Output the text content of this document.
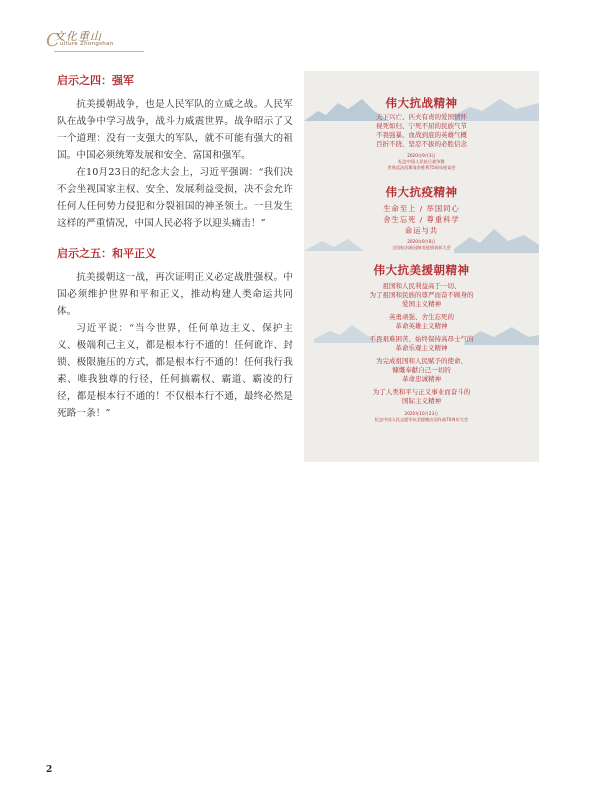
C
文化重山
ulture Zhongshan
启示之四：强军

抗美援朝战争，也是人民军队的立威之战。人民军队在战争中学习战争，战斗力威震世界。战争昭示了又一个道理：没有一支强大的军队，就不可能有强大的祖国。中国必须统筹发展和安全、富国和强军。

在10月23日的纪念大会上，习近平强调：“我们决不会坐视国家主权、安全、发展利益受损，决不会允许任何人任何势力侵犯和分裂祖国的神圣领土。一旦发生这样的严重情况，中国人民必将予以迎头痛击！”

启示之五：和平正义

抗美援朝这一战，再次证明正义必定战胜强权。中国必须维护世界和平和正义，推动构建人类命运共同体。

习近平说：“当今世界，任何单边主义、保护主义、极端利己主义，都是根本行不通的！任何讹诈、封锁、极限施压的方式，都是根本行不通的！任何我行我素、唯我独尊的行径，任何搞霸权、霸道、霸凌的行径，都是根本行不通的！不仅根本行不通，最终必然是死路一条！”

伟大抗战精神
天下兴亡、匹夫有责的爱国情怀
视死如归、宁死不屈的民族气节
不畏强暴、血战到底的英雄气概
百折不挠、坚忍不拔的必胜信念
2020年9月3日
纪念中国人民抗日战争暨
世界反法西斯战争胜利75周年座谈会
伟大抗疫精神
生命至上 / 举国同心
舍生忘死 / 尊重科学
命运与共
2020年9月8日
全国抗击新冠肺炎疫情表彰大会
伟大抗美援朝精神
祖国和人民利益高于一切、
为了祖国和民族的尊严而奋不顾身的
爱国主义精神
英勇顽强、舍生忘死的
革命英雄主义精神
不畏艰难困苦、始终保持高昂士气的
革命乐观主义精神
为完成祖国和人民赋予的使命、
慷慨奉献自己一切的
革命忠诚精神
为了人类和平与正义事业而奋斗的
国际主义精神
2020年10月23日
纪念中国人民志愿军抗美援朝出国作战70周年大会
2
